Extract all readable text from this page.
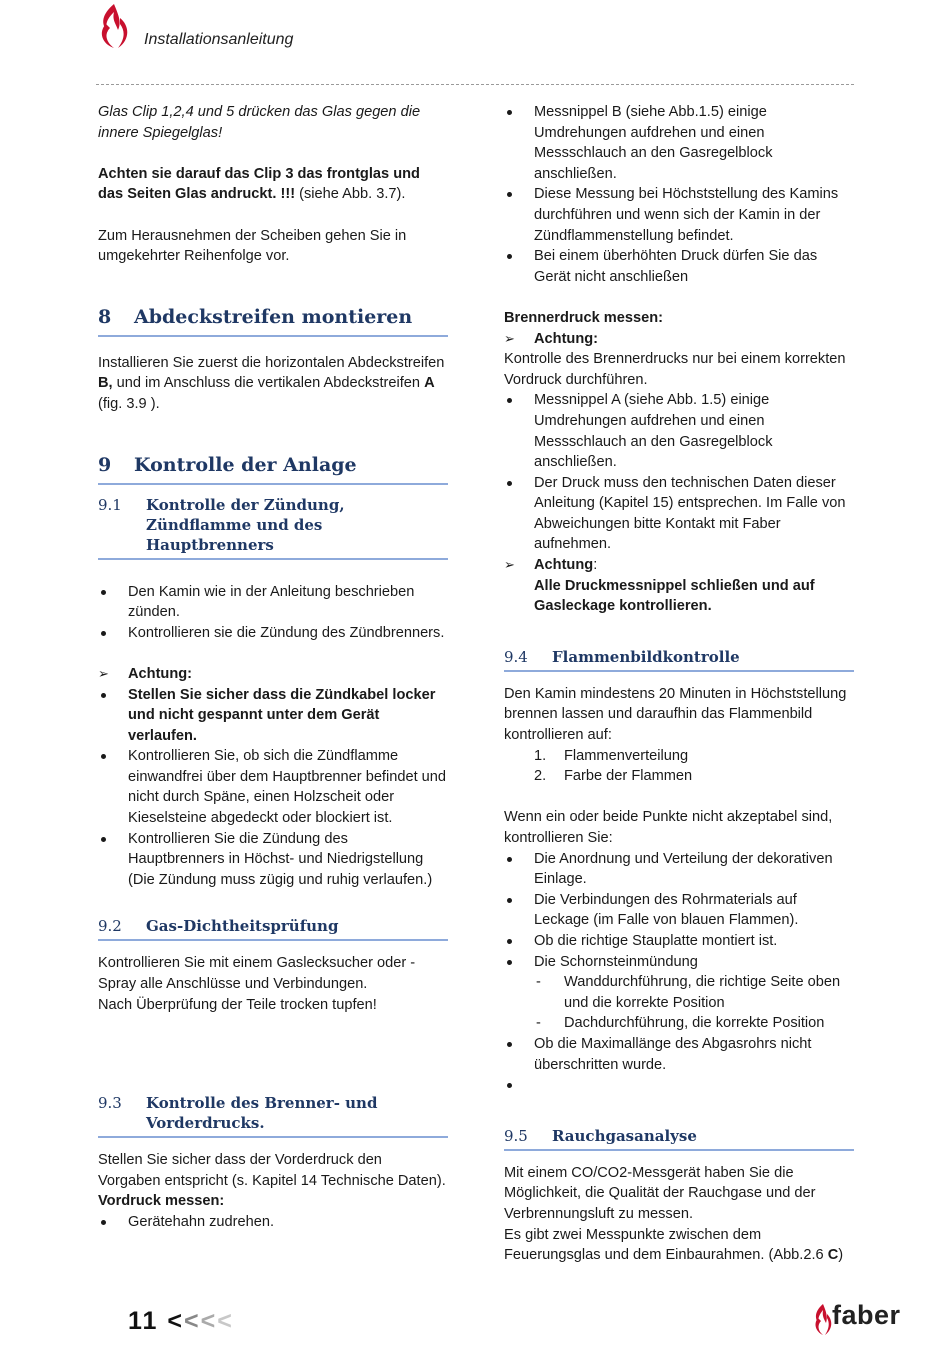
Installationsanleitung

Glas Clip 1,2,4 und 5 drücken das Glas gegen die innere Spiegelglas!

Achten sie darauf das Clip 3 das frontglas und das Seiten Glas andruckt. !!! (siehe Abb. 3.7).

Zum Herausnehmen der Scheiben gehen Sie in umgekehrter Reihenfolge vor.

8 Abdeckstreifen montieren

Installieren Sie zuerst die horizontalen Abdeckstreifen B, und im Anschluss die vertikalen Abdeckstreifen A
(fig. 3.9 ).

9 Kontrolle der Anlage
9.1	Kontrolle der Zündung, Zündflamme und des Hauptbrenners
Den Kamin wie in der Anleitung beschrieben zünden.
Kontrollieren sie die Zündung des Zündbrenners.
➢ Achtung:
Stellen Sie sicher dass die Zündkabel locker und nicht gespannt unter dem Gerät verlaufen.
Kontrollieren Sie, ob sich die Zündflamme einwandfrei über dem Hauptbrenner befindet und nicht durch Späne, einen Holzscheit oder Kieselsteine abgedeckt oder blockiert ist.
Kontrollieren Sie die Zündung des Hauptbrenners in Höchst- und Niedrigstellung (Die Zündung muss zügig und ruhig verlaufen.)
9.2	Gas-Dichtheitsprüfung

Kontrollieren Sie mit einem Gaslecksucher oder -Spray alle Anschlüsse und Verbindungen.

Nach Überprüfung der Teile trocken tupfen!

9.3	Kontrolle des Brenner- und Vorderdrucks.

Stellen Sie sicher dass der Vorderdruck den Vorgaben entspricht (s. Kapitel 14 Technische Daten).

Vordruck messen:

Gerätehahn zudrehen.
Messnippel B (siehe Abb.1.5) einige Umdrehungen aufdrehen und einen Messschlauch an den Gasregelblock anschließen.
Diese Messung bei Höchststellung des Kamins durchführen und wenn sich der Kamin in der Zündflammenstellung befindet.
Bei einem überhöhten Druck dürfen Sie das Gerät nicht anschließen

Brennerdruck messen:

➢ Achtung:

Kontrolle des Brennerdrucks nur bei einem korrekten Vordruck durchführen.

Messnippel A (siehe Abb. 1.5) einige Umdrehungen aufdrehen und einen Messschlauch an den Gasregelblock anschließen.
Der Druck muss den technischen Daten dieser Anleitung (Kapitel 15) entsprechen. Im Falle von Abweichungen bitte Kontakt mit Faber aufnehmen.
➢ Achtung:
Alle Druckmessnippel schließen und auf Gasleckage kontrollieren.
9.4	Flammenbildkontrolle

Den Kamin mindestens 20 Minuten in Höchststellung brennen lassen und daraufhin das Flammenbild kontrollieren auf:

1. Flammenverteilung
2. Farbe der Flammen

Wenn ein oder beide Punkte nicht akzeptabel sind, kontrollieren Sie:

Die Anordnung und Verteilung der dekorativen Einlage.
Die Verbindungen des Rohrmaterials auf Leckage (im Falle von blauen Flammen).
Ob die richtige Stauplatte montiert ist.
Die Schornsteinmündung
- Wanddurchführung, die richtige Seite oben und die korrekte Position
- Dachdurchführung, die korrekte Position
Ob die Maximallänge des Abgasrohrs nicht überschritten wurde.
9.5	Rauchgasanalyse

Mit einem CO/CO2-Messgerät haben Sie die Möglichkeit, die Qualität der Rauchgase und der Verbrennungsluft zu messen.

Es gibt zwei Messpunkte zwischen dem Feuerungsglas und dem Einbaurahmen. (Abb.2.6 C)

11 <<<<	faber
